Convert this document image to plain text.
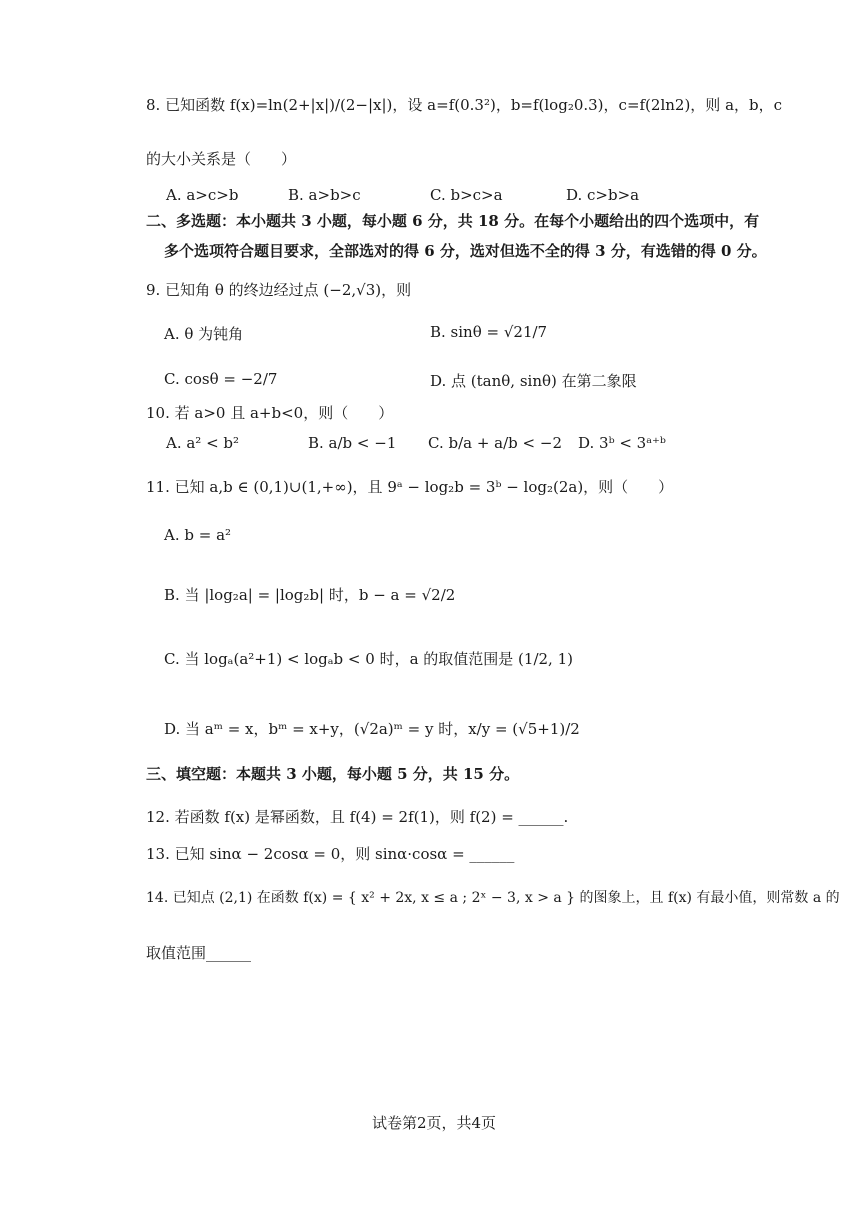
8. 已知函数 f(x)=ln(2+|x|)/(2−|x|)，设 a=f(0.3²)，b=f(log₂0.3)，c=f(2ln2)，则 a，b，c
的大小关系是（　　）
A. a>c>b	B. a>b>c	C. b>c>a	D. c>b>a
二、多选题：本小题共 3 小题，每小题 6 分，共 18 分。在每个小题给出的四个选项中，有
多个选项符合题目要求，全部选对的得 6 分，选对但选不全的得 3 分，有选错的得 0 分。
9. 已知角 θ 的终边经过点 (−2,√3)，则
A. θ 为钝角	B. sinθ = √21/7
C. cosθ = −2/7	D. 点 (tanθ, sinθ) 在第二象限
10. 若 a>0 且 a+b<0，则（　　）
A. a² < b²	B. a/b < −1 C. b/a + a/b < −2 D. 3ᵇ < 3ᵃ⁺ᵇ
11. 已知 a,b ∈ (0,1)∪(1,+∞)，且 9ᵃ − log₂b = 3ᵇ − log₂(2a)，则（　　）
A. b = a²
B. 当 |log₂a| = |log₂b| 时，b − a = √2/2
C. 当 logₐ(a²+1) < logₐb < 0 时，a 的取值范围是 (1/2, 1)
D. 当 aᵐ = x，bᵐ = x+y，(√2a)ᵐ = y 时，x/y = (√5+1)/2
三、填空题：本题共 3 小题，每小题 5 分，共 15 分。
12. 若函数 f(x) 是幂函数，且 f(4) = 2f(1)，则 f(2) = ______.
13. 已知 sinα − 2cosα = 0，则 sinα·cosα = ______
14. 已知点 (2,1) 在函数 f(x) = { x² + 2x, x ≤ a ; 2ˣ − 3, x > a } 的图象上，且 f(x) 有最小值，则常数 a 的
取值范围______
试卷第2页，共4页
